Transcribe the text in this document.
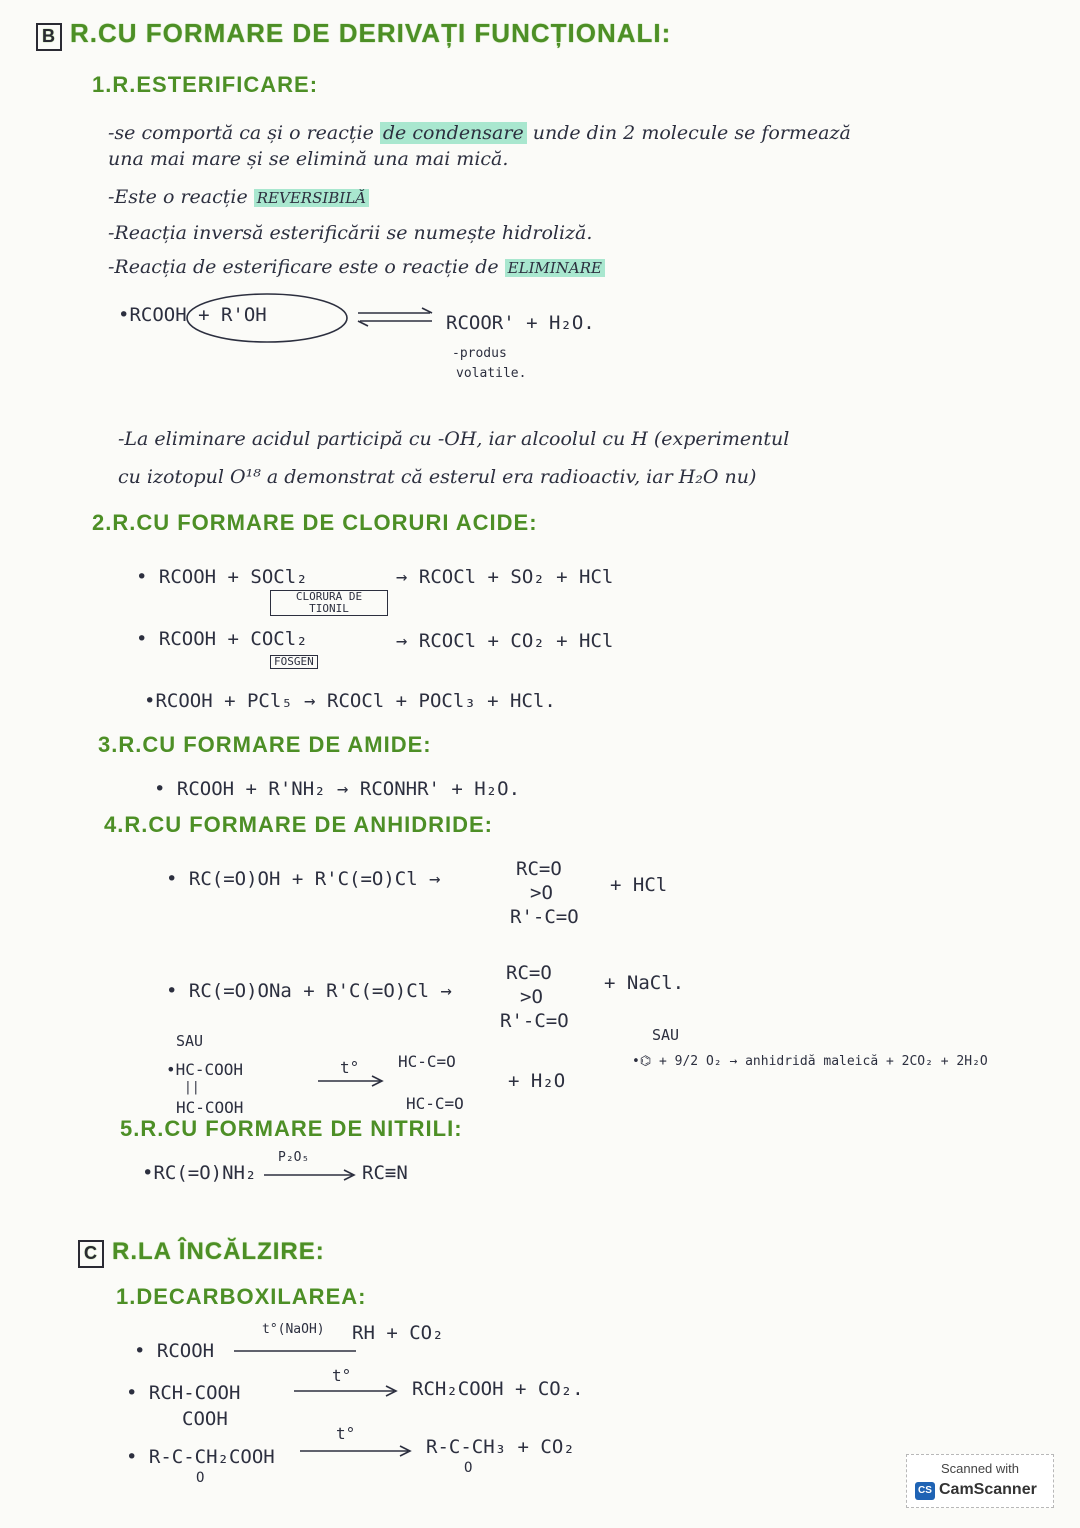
B R.CU FORMARE DE DERIVAȚI FUNCȚIONALI:
1.R.ESTERIFICARE:
-se comportă ca și o reacție de condensare unde din 2 molecule se formează
una mai mare și se elimină una mai mică.
-Este o reacție REVERSIBILĂ
-Reacția inversă esterificării se numește hidroliză.
-Reacția de esterificare este o reacție de ELIMINARE
•RCOOH + R'OH	RCOOR' + H₂O.
-produs
volatile.
-La eliminare acidul participă cu -OH, iar alcoolul cu H (experimentul
cu izotopul O¹⁸ a demonstrat că esterul era radioactiv, iar H₂O nu)
2.R.CU FORMARE DE CLORURI ACIDE:
• RCOOH + SOCl₂
CLORURĂ DE TIONIL
→ RCOCl + SO₂ + HCl
• RCOOH + COCl₂
FOSGEN
→ RCOCl + CO₂ + HCl
•RCOOH + PCl₅ → RCOCl + POCl₃ + HCl.
3.R.CU FORMARE DE AMIDE:
• RCOOH + R'NH₂ → RCONHR' + H₂O.
4.R.CU FORMARE DE ANHIDRIDE:
• RC(=O)OH + R'C(=O)Cl →	RC=O
>O
R'-C=O
+ HCl
• RC(=O)ONa + R'C(=O)Cl →
RC=O
>O
R'-C=O
+ NaCl.
SAU	SAU
•HC-COOH
||
HC-COOH
t° HC-C=O
HC-C=O
+ H₂O
•⌬ + 9/2 O₂ → anhidridă maleică + 2CO₂ + 2H₂O
5.R.CU FORMARE DE NITRILI:
•RC(=O)NH₂
P₂O₅
RC≡N
C R.LA ÎNCĂLZIRE:
1.DECARBOXILAREA:
• RCOOH
t°(NaOH) RH + CO₂
• RCH-COOH
COOH
t°
RCH₂COOH + CO₂.
• R-C-CH₂COOH
O
t°
R-C-CH₃ + CO₂
O	Scanned with
CS CamScanner
